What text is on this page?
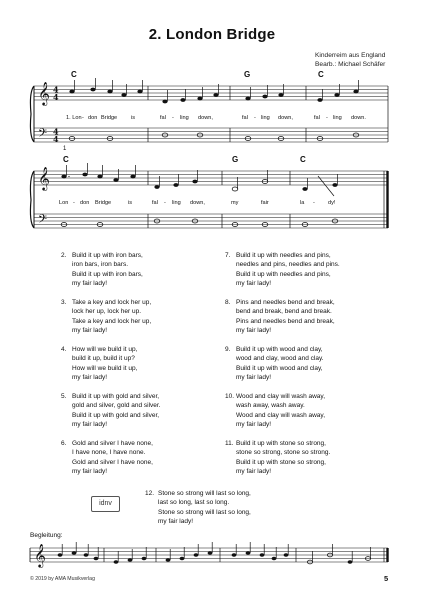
2. London Bridge
Kinderreim aus England
Bearb.: Michael Schäfer
𝄞
𝄢
4
4
4
4
𝄞
𝄢
𝄞
C	G	C
1
1. Lon - don Bridge is	fal - ling down,	fal - ling down,	fal - ling down.
C	G	C
Lon - don Bridge	is	fal - ling down,	my	fair	la - dy!
2. Build it up with iron bars,
iron bars, iron bars.
Build it up with iron bars,
my fair lady!
3. Take a key and lock her up,
lock her up, lock her up.
Take a key and lock her up,
my fair lady!
4. How will we build it up,
build it up, build it up?
How will we build it up,
my fair lady!
5. Build it up with gold and silver,
gold and silver, gold and silver.
Build it up with gold and silver,
my fair lady!
6. Gold and silver I have none,
I have none, I have none.
Gold and silver I have none,
my fair lady!
7. Build it up with needles and pins,
needles and pins, needles and pins.
Build it up with needles and pins,
my fair lady!
8. Pins and needles bend and break,
bend and break, bend and break.
Pins and needles bend and break,
my fair lady!
9. Build it up with wood and clay,
wood and clay, wood and clay.
Build it up with wood and clay,
my fair lady!
10. Wood and clay will wash away,
wash away, wash away.
Wood and clay will wash away,
my fair lady!
11. Build it up with stone so strong,
stone so strong, stone so strong.
Build it up with stone so strong,
my fair lady!
12. Stone so strong will last so long,
last so long, last so long.
Stone so strong will last so long,
my fair lady!
idnv
Begleitung:
© 2019 by AMA Musikverlag	5
